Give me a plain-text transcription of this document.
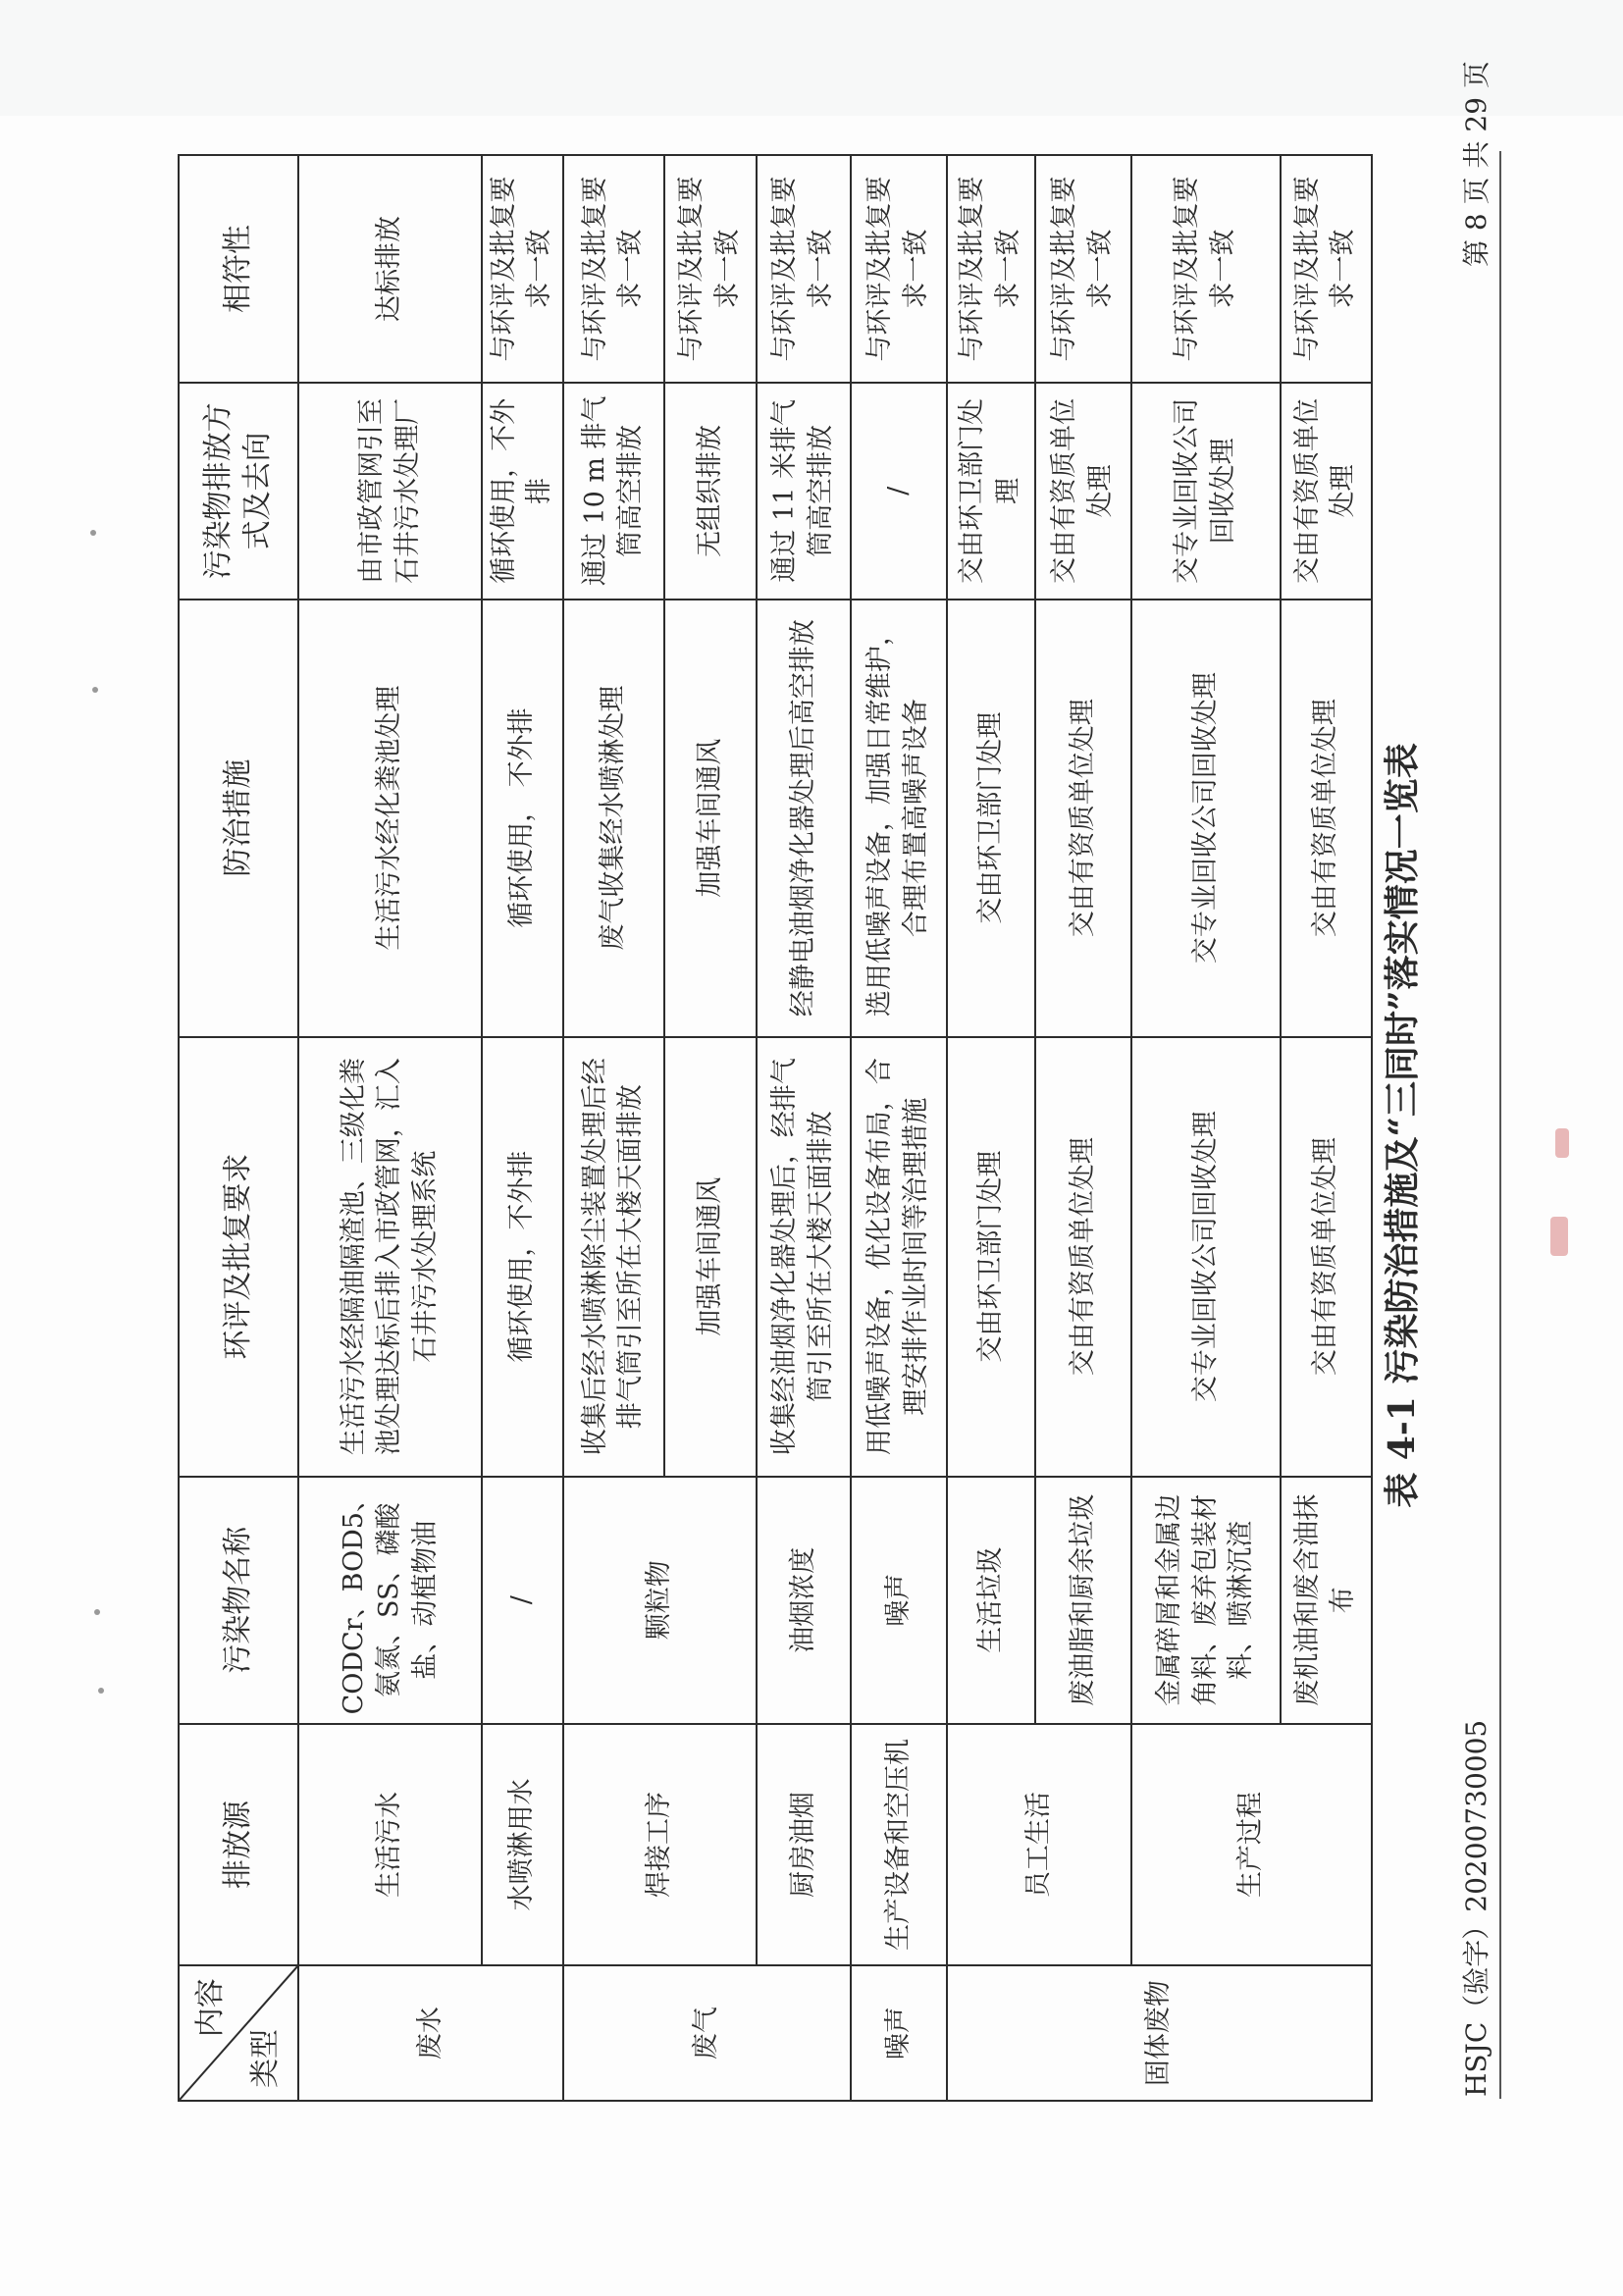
HSJC（验字）20200730005
第 8 页 共 29 页
表 4-1 污染防治措施及“三同时”落实情况一览表
内容
类型	排放源	污染物名称	环评及批复要求	防治措施	污染物排放方式及去向	相符性
废水	生活污水	CODCr、BOD5、氨氮、SS、磷酸盐、动植物油	生活污水经隔油隔渣池、三级化粪池处理达标后排入市政管网，汇入石井污水处理系统	生活污水经化粪池处理	由市政管网引至石井污水处理厂	达标排放
	水喷淋用水	/	循环使用，不外排	循环使用， 不外排	循环使用，不外排	与环评及批复要求一致
废气	焊接工序	颗粒物	收集后经水喷淋除尘装置处理后经排气筒引至所在大楼天面排放	废气收集经水喷淋处理	通过 10 m 排气筒高空排放	与环评及批复要求一致
			加强车间通风	加强车间通风	无组织排放	与环评及批复要求一致
	厨房油烟	油烟浓度	收集经油烟净化器处理后，经排气筒引至所在大楼天面排放	经静电油烟净化器处理后高空排放	通过 11 米排气筒高空排放	与环评及批复要求一致
噪声	生产设备和空压机	噪声	用低噪声设备，优化设备布局，合理安排作业时间等治理措施	选用低噪声设备，加强日常维护，合理布置高噪声设备	/	与环评及批复要求一致
固体废物	员工生活	生活垃圾	交由环卫部门处理	交由环卫部门处理	交由环卫部门处理	与环评及批复要求一致
		废油脂和厨余垃圾	交由有资质单位处理	交由有资质单位处理	交由有资质单位处理	与环评及批复要求一致
	生产过程	金属碎屑和金属边角料、废弃包装材料、喷淋沉渣	交专业回收公司回收处理	交专业回收公司回收处理	交专业回收公司回收处理	与环评及批复要求一致
		废机油和废含油抹布	交由有资质单位处理	交由有资质单位处理	交由有资质单位处理	与环评及批复要求一致
